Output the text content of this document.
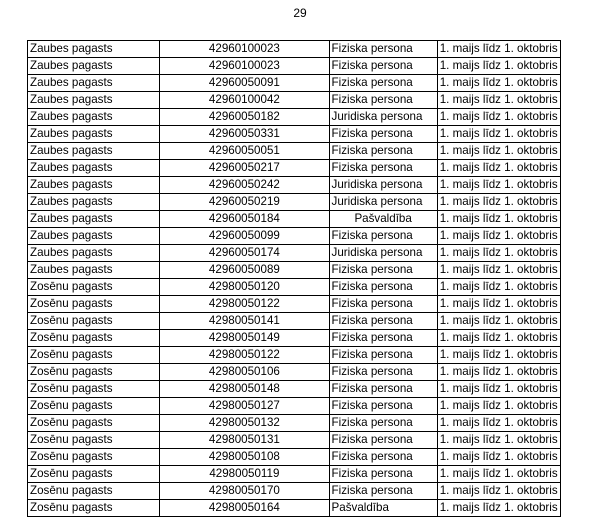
29
Zaubes pagasts	42960100023	Fiziska persona	1. maijs līdz 1. oktobris
Zaubes pagasts	42960100023	Fiziska persona	1. maijs līdz 1. oktobris
Zaubes pagasts	42960050091	Fiziska persona	1. maijs līdz 1. oktobris
Zaubes pagasts	42960100042	Fiziska persona	1. maijs līdz 1. oktobris
Zaubes pagasts	42960050182	Juridiska persona	1. maijs līdz 1. oktobris
Zaubes pagasts	42960050331	Fiziska persona	1. maijs līdz 1. oktobris
Zaubes pagasts	42960050051	Fiziska persona	1. maijs līdz 1. oktobris
Zaubes pagasts	42960050217	Fiziska persona	1. maijs līdz 1. oktobris
Zaubes pagasts	42960050242	Juridiska persona	1. maijs līdz 1. oktobris
Zaubes pagasts	42960050219	Juridiska persona	1. maijs līdz 1. oktobris
Zaubes pagasts	42960050184	Pašvaldība	1. maijs līdz 1. oktobris
Zaubes pagasts	42960050099	Fiziska persona	1. maijs līdz 1. oktobris
Zaubes pagasts	42960050174	Juridiska persona	1. maijs līdz 1. oktobris
Zaubes pagasts	42960050089	Fiziska persona	1. maijs līdz 1. oktobris
Zosēnu pagasts	42980050120	Fiziska persona	1. maijs līdz 1. oktobris
Zosēnu pagasts	42980050122	Fiziska persona	1. maijs līdz 1. oktobris
Zosēnu pagasts	42980050141	Fiziska persona	1. maijs līdz 1. oktobris
Zosēnu pagasts	42980050149	Fiziska persona	1. maijs līdz 1. oktobris
Zosēnu pagasts	42980050122	Fiziska persona	1. maijs līdz 1. oktobris
Zosēnu pagasts	42980050106	Fiziska persona	1. maijs līdz 1. oktobris
Zosēnu pagasts	42980050148	Fiziska persona	1. maijs līdz 1. oktobris
Zosēnu pagasts	42980050127	Fiziska persona	1. maijs līdz 1. oktobris
Zosēnu pagasts	42980050132	Fiziska persona	1. maijs līdz 1. oktobris
Zosēnu pagasts	42980050131	Fiziska persona	1. maijs līdz 1. oktobris
Zosēnu pagasts	42980050108	Fiziska persona	1. maijs līdz 1. oktobris
Zosēnu pagasts	42980050119	Fiziska persona	1. maijs līdz 1. oktobris
Zosēnu pagasts	42980050170	Fiziska persona	1. maijs līdz 1. oktobris
Zosēnu pagasts	42980050164	Pašvaldība	1. maijs līdz 1. oktobris
